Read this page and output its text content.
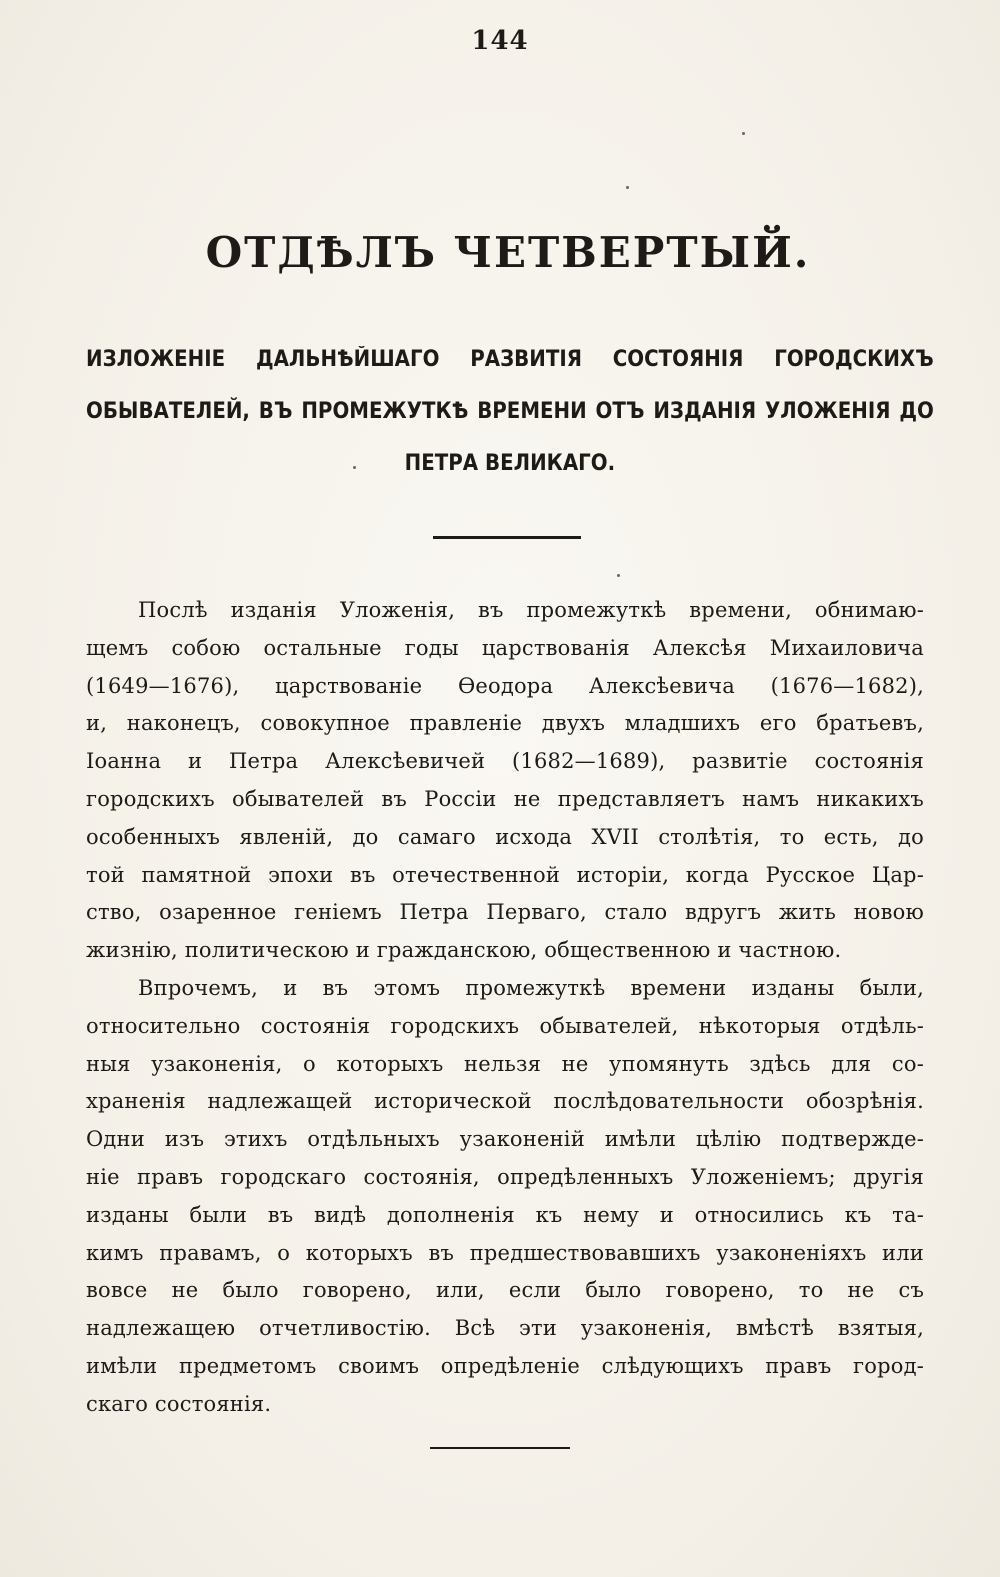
144
ОТДѢЛЪ ЧЕТВЕРТЫЙ.
ИЗЛОЖЕНІЕ ДАЛЬНѢЙШАГО РАЗВИТІЯ СОСТОЯНІЯ ГОРОДСКИХЪ ОБЫВАТЕЛЕЙ, ВЪ ПРОМЕЖУТКѢ ВРЕМЕНИ ОТЪ ИЗДАНІЯ УЛОЖЕНІЯ ДО ПЕТРА ВЕЛИКАГО.
Послѣ изданія Уложенія, въ промежуткѣ времени, обнимаю-
щемъ собою остальные годы царствованія Алексѣя Михаиловича
(1649—1676), царствованіе Өеодора Алексѣевича (1676—1682),
и, наконецъ, совокупное правленіе двухъ младшихъ его братьевъ,
Іоанна и Петра Алексѣевичей (1682—1689), развитіе состоянія
городскихъ обывателей въ Россіи не представляетъ намъ никакихъ
особенныхъ явленій, до самаго исхода XVII столѣтія, то есть, до
той памятной эпохи въ отечественной исторіи, когда Русское Цар-
ство, озаренное геніемъ Петра Перваго, стало вдругъ жить новою
жизнію, политическою и гражданскою, общественною и частною.
Впрочемъ, и въ этомъ промежуткѣ времени изданы были,
относительно состоянія городскихъ обывателей, нѣкоторыя отдѣль-
ныя узаконенія, о которыхъ нельзя не упомянуть здѣсь для со-
храненія надлежащей исторической послѣдовательности обозрѣнія.
Одни изъ этихъ отдѣльныхъ узаконеній имѣли цѣлію подтвержде-
ніе правъ городскаго состоянія, опредѣленныхъ Уложеніемъ; другія
изданы были въ видѣ дополненія къ нему и относились къ та-
кимъ правамъ, о которыхъ въ предшествовавшихъ узаконеніяхъ или
вовсе не было говорено, или, если было говорено, то не съ
надлежащею отчетливостію. Всѣ эти узаконенія, вмѣстѣ взятыя,
имѣли предметомъ своимъ опредѣленіе слѣдующихъ правъ город-
скаго состоянія.
